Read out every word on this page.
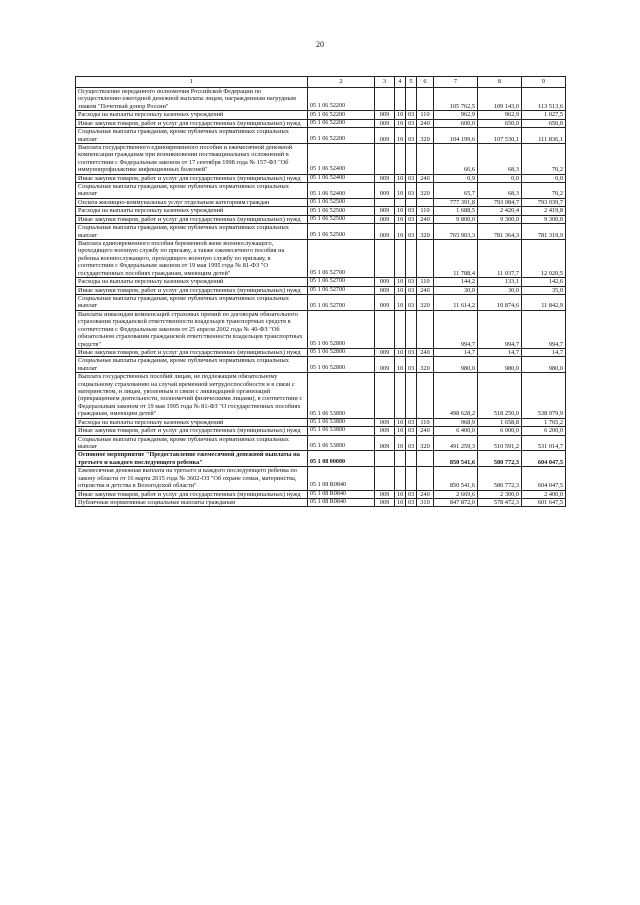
20
1	2	3	4	5	6	7	8	9
Осуществление переданного полномочия Российской Федерации по осуществлению ежегодной денежной выплаты лицам, награжденным нагрудным знаком "Почетный донор России"	05 1 06 52200					105 762,5	109 143,0	113 513,6
Расходы на выплаты персоналу казенных учреждений	05 1 06 52200	009	10	03	110	962,9	962,9	1 027,5
Иные закупки товаров, работ и услуг для государственных (муниципальных) нужд	05 1 06 52200	009	10	03	240	600,0	650,0	650,0
Социальные выплаты гражданам, кроме публичных нормативных социальных выплат	05 1 06 52200	009	10	03	320	104 199,6	107 530,1	111 836,1
Выплата государственного единовременного пособия и ежемесячной денежной компенсации гражданам при возникновении поствакцинальных осложнений в соответствии с Федеральным законом от 17 сентября 1998 года № 157-ФЗ "Об иммунопрофилактике инфекционных болезней"	05 1 06 52400					66,6	68,3	70,2
Иные закупки товаров, работ и услуг для государственных (муниципальных) нужд	05 1 06 52400	009	10	03	240	0,9	0,0	0,0
Социальные выплаты гражданам, кроме публичных нормативных социальных выплат	05 1 06 52400	009	10	03	320	65,7	68,3	70,2
Оплата жилищно-коммунальных услуг отдельным категориям граждан	05 1 06 52500					777 391,8	793 084,7	793 039,7
Расходы на выплаты персоналу казенных учреждений	05 1 06 52500	009	10	03	110	1 688,5	2 420,4	2 419,8
Иные закупки товаров, работ и услуг для государственных (муниципальных) нужд	05 1 06 52500	009	10	03	240	9 800,0	9 300,0	9 300,0
Социальные выплаты гражданам, кроме публичных нормативных социальных выплат	05 1 06 52500	009	10	03	320	765 903,3	781 364,3	781 319,9
Выплата единовременного пособия беременной жене военнослужащего, проходящего военную службу по призыву, а также ежемесячного пособия на ребенка военнослужащего, проходящего военную службу по призыву, в соответствии с Федеральным законом от 19 мая 1995 года № 81-ФЗ "О государственных пособиях гражданам, имеющим детей"	05 1 06 52700					11 788,4	11 037,7	12 020,5
Расходы на выплаты персоналу казенных учреждений	05 1 06 52700	009	10	03	110	144,2	133,1	142,6
Иные закупки товаров, работ и услуг для государственных (муниципальных) нужд	05 1 06 52700	009	10	03	240	30,0	30,0	35,0
Социальные выплаты гражданам, кроме публичных нормативных социальных выплат	05 1 06 52700	009	10	03	320	11 614,2	10 874,6	11 842,9
Выплаты инвалидам компенсаций страховых премий по договорам обязательного страхования гражданской ответственности владельцев транспортных средств в соответствии с Федеральным законом от 25 апреля 2002 года № 40-ФЗ "Об обязательном страховании гражданской ответственности владельцев транспортных средств"	05 1 06 52800					994,7	994,7	994,7
Иные закупки товаров, работ и услуг для государственных (муниципальных) нужд	05 1 06 52800	009	10	03	240	14,7	14,7	14,7
Социальные выплаты гражданам, кроме публичных нормативных социальных выплат	05 1 06 52800	009	10	03	320	980,0	980,0	980,0
Выплата государственных пособий лицам, не подлежащим обязательному социальному страхованию на случай временной нетрудоспособности и в связи с материнством, и лицам, уволенным в связи с ликвидацией организаций (прекращением деятельности, полномочий физическими лицами), в соответствии с Федеральным законом от 19 мая 1995 года № 81-ФЗ "О государственных пособиях гражданам, имеющим детей"	05 1 06 53800					498 628,2	518 250,0	538 979,9
Расходы на выплаты персоналу казенных учреждений	05 1 06 53800	009	10	03	110	968,9	1 658,8	1 765,2
Иные закупки товаров, работ и услуг для государственных (муниципальных) нужд	05 1 06 53800	009	10	03	240	6 400,0	6 000,0	6 200,0
Социальные выплаты гражданам, кроме публичных нормативных социальных выплат	05 1 06 53800	009	10	03	320	491 259,3	510 591,2	531 014,7
Основное мероприятие "Предоставление ежемесячной денежной выплаты на третьего и каждого последующего ребенка"	05 1 08 00000					850 541,6	580 772,3	604 047,5
Ежемесячная денежная выплата на третьего и каждого последующего ребенка по закону области от 16 марта 2015 года № 3602-ОЗ "Об охране семьи, материнства, отцовства и детства в Вологодской области"	05 1 08 R0840					850 541,6	580 772,3	604 047,5
Иные закупки товаров, работ и услуг для государственных (муниципальных) нужд	05 1 08 R0840	009	10	03	240	2 669,6	2 300,0	2 400,0
Публичные нормативные социальные выплаты гражданам	05 1 08 R0840	009	10	03	310	847 872,0	578 472,3	601 647,5
